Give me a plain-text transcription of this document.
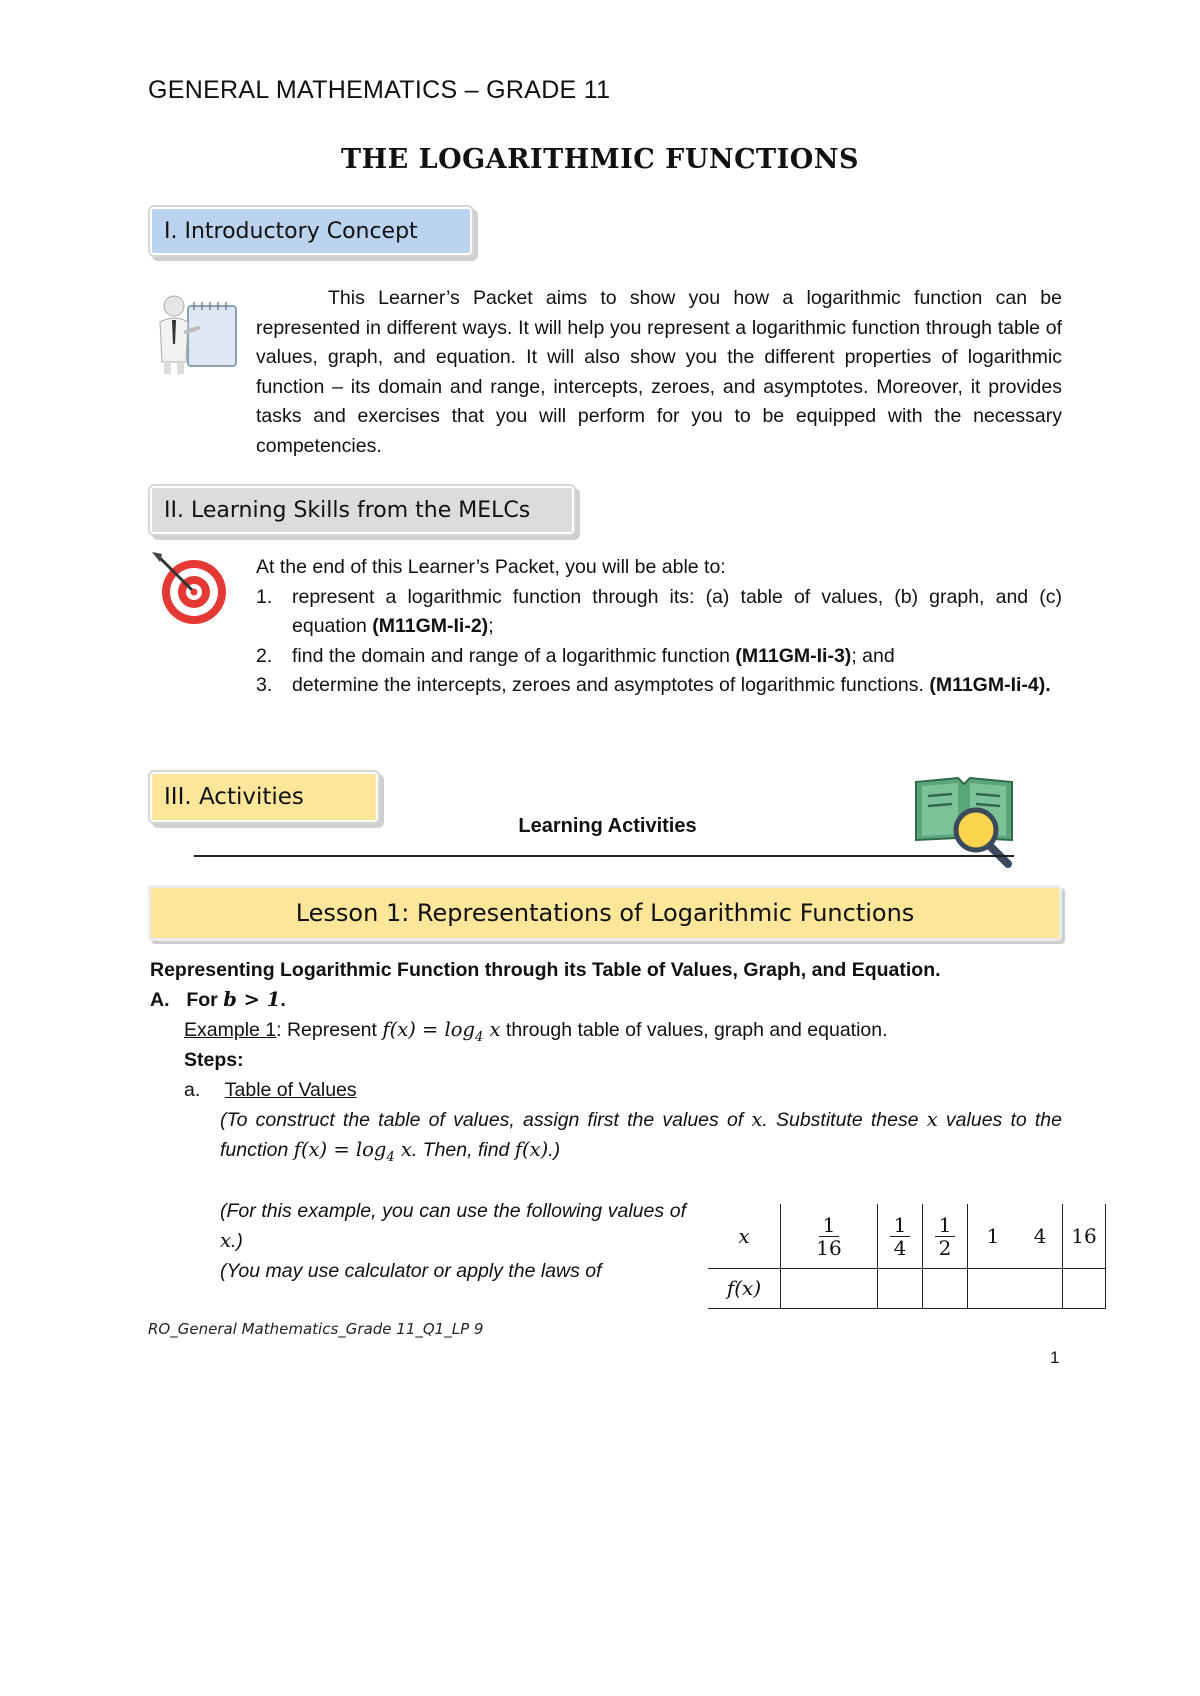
GENERAL MATHEMATICS – GRADE 11
THE LOGARITHMIC FUNCTIONS
I. Introductory Concept

This Learner’s Packet aims to show you how a logarithmic function can be represented in different ways. It will help you represent a logarithmic function through table of values, graph, and equation. It will also show you the different properties of logarithmic function – its domain and range, intercepts, zeroes, and asymptotes. Moreover, it provides tasks and exercises that you will perform for you to be equipped with the necessary competencies.

II. Learning Skills from the MELCs
At the end of this Learner’s Packet, you will be able to:
1.	represent a logarithmic function through its: (a) table of values, (b) graph, and (c) equation (M11GM-Ii-2);
2.	find the domain and range of a logarithmic function (M11GM-Ii-3); and
3.	determine the intercepts, zeroes and asymptotes of logarithmic functions. (M11GM-Ii-4).
III. Activities
Learning Activities
Lesson 1: Representations of Logarithmic Functions
Representing Logarithmic Function through its Table of Values, Graph, and Equation.
A. For b > 1.
Example 1: Represent $f(x) = \log_4 x$ through table of values, graph and equation.
Steps:
a. Table of Values
(To construct the table of values, assign first the values of x. Substitute these x values to the function $f(x) = \log_4 x$. Then, find f(x).)
(For this example, you can use the following values of x.)
(You may use calculator or apply the laws of
x	$\frac{1}{16}$	$\frac{1}{4}$	$\frac{1}{2}$	1	4	16
f(x)						
RO_General Mathematics_Grade 11_Q1_LP 9
1
